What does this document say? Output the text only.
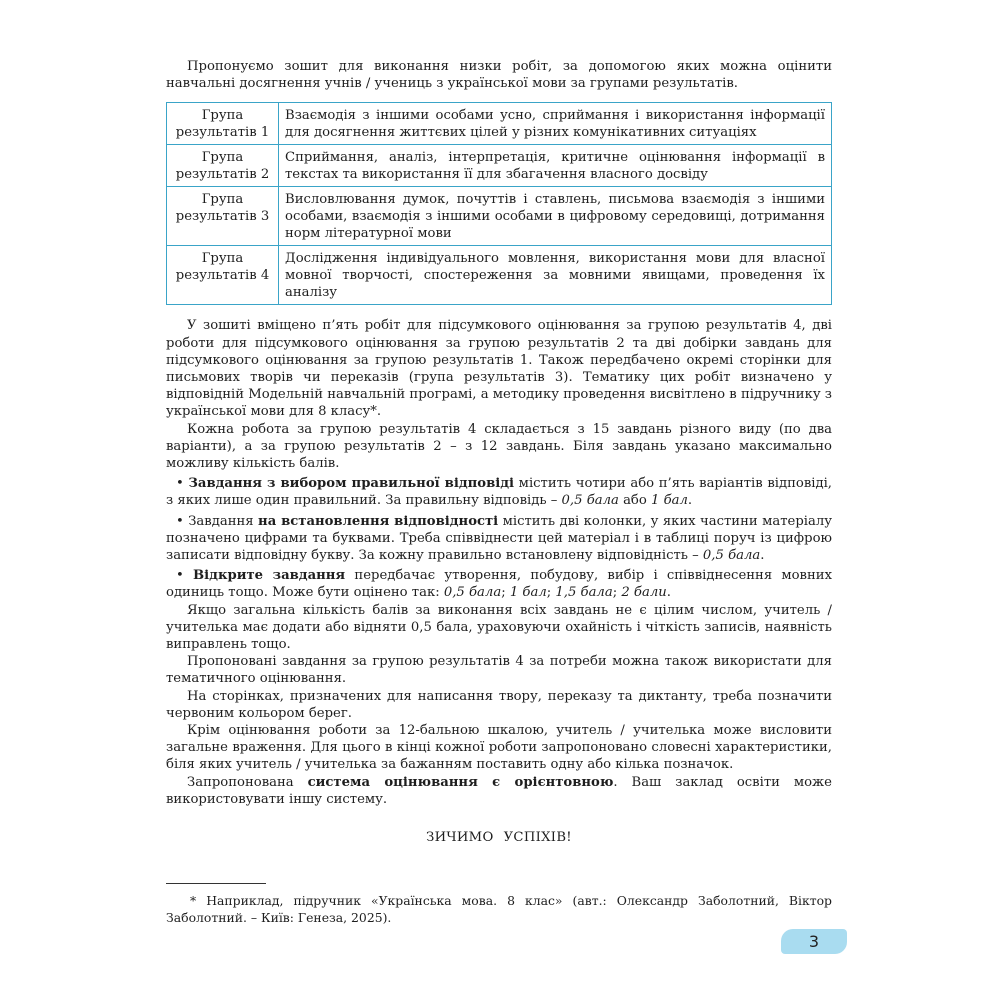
Пропонуємо зошит для виконання низки робіт, за допомогою яких можна оцінити навчальні досягнення учнів / учениць з української мови за групами результатів.

Група результатів 1	Взаємодія з іншими особами усно, сприймання і використання інформації для досягнення життєвих цілей у різних комунікативних ситуаціях
Група результатів 2	Сприймання, аналіз, інтерпретація, критичне оцінювання інформації в текстах та використання її для збагачення власного досвіду
Група результатів 3	Висловлювання думок, почуттів і ставлень, письмова взаємодія з іншими особами, взаємодія з іншими особами в цифровому середовищі, дотримання норм літературної мови
Група результатів 4	Дослідження індивідуального мовлення, використання мови для власної мовної творчості, спостереження за мовними явищами, проведення їх аналізу

У зошиті вміщено п’ять робіт для підсумкового оцінювання за групою результатів 4, дві роботи для підсумкового оцінювання за групою результатів 2 та дві добірки завдань для підсумкового оцінювання за групою результатів 1. Також передбачено окремі сторінки для письмових творів чи переказів (група результатів 3). Тематику цих робіт визначено у відповідній Модельній навчальній програмі, а методику проведення висвітлено в підручнику з української мови для 8 класу*.

Кожна робота за групою результатів 4 складається з 15 завдань різного виду (по два варіанти), а за групою результатів 2 – з 12 завдань. Біля завдань указано максимально можливу кількість балів.

• Завдання з вибором правильної відповіді містить чотири або п’ять варіантів відповіді, з яких лише один правильний. За правильну відповідь – 0,5 бала або 1 бал.

• Завдання на встановлення відповідності містить дві колонки, у яких частини матеріалу позначено цифрами та буквами. Треба співвіднести цей матеріал і в таблиці поруч із цифрою записати відповідну букву. За кожну правильно встановлену відповідність – 0,5 бала.

• Відкрите завдання передбачає утворення, побудову, вибір і співвіднесення мовних одиниць тощо. Може бути оцінено так: 0,5 бала; 1 бал; 1,5 бала; 2 бали.

Якщо загальна кількість балів за виконання всіх завдань не є цілим числом, учитель / учителька має додати або відняти 0,5 бала, ураховуючи охайність і чіткість записів, наявність виправлень тощо.

Пропоновані завдання за групою результатів 4 за потреби можна також використати для тематичного оцінювання.

На сторінках, призначених для написання твору, переказу та диктанту, треба позначити червоним кольором берег.

Крім оцінювання роботи за 12-бальною шкалою, учитель / учителька може висловити загальне враження. Для цього в кінці кожної роботи запропоновано словесні характеристики, біля яких учитель / учителька за бажанням поставить одну або кілька позначок.

Запропонована система оцінювання є орієнтовною. Ваш заклад освіти може використовувати іншу систему.

ЗИЧИМО УСПІХІВ!

* Наприклад, підручник «Українська мова. 8 клас» (авт.: Олександр Заболотний, Віктор Заболотний. – Київ: Генеза, 2025).

3
